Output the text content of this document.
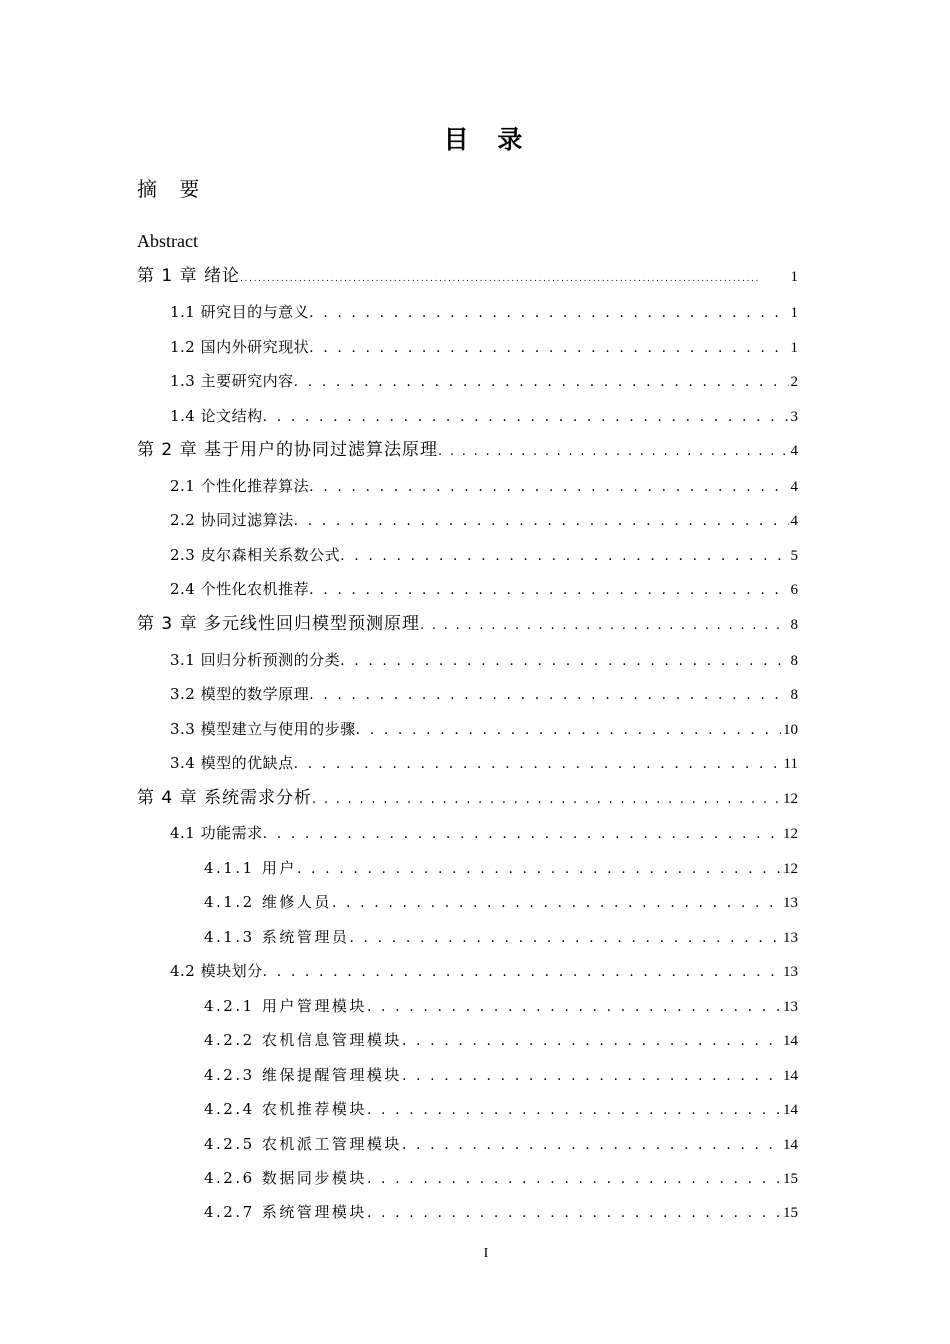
目 录
摘 要
Abstract
第 1 章 绪论 . . .	1
1.1 研究目的与意义 . . .	1
1.2 国内外研究现状 . . .	1
1.3 主要研究内容 . . .	2
1.4 论文结构 . . .	3
第 2 章 基于用户的协同过滤算法原理 . . .	4
2.1 个性化推荐算法 . . .	4
2.2 协同过滤算法 . . .	4
2.3 皮尔森相关系数公式 . . .	5
2.4 个性化农机推荐 . . .	6
第 3 章 多元线性回归模型预测原理 . . .	8
3.1 回归分析预测的分类 . . .	8
3.2 模型的数学原理 . . .	8
3.3 模型建立与使用的步骤 . . .	10
3.4 模型的优缺点 . . .	11
第 4 章 系统需求分析 . . .	12
4.1 功能需求 . . .	12
4.1.1 用户 . . .	12
4.1.2 维修人员 . . .	13
4.1.3 系统管理员 . . .	13
4.2 模块划分 . . .	13
4.2.1 用户管理模块 . . .	13
4.2.2 农机信息管理模块 . . .	14
4.2.3 维保提醒管理模块 . . .	14
4.2.4 农机推荐模块 . . .	14
4.2.5 农机派工管理模块 . . .	14
4.2.6 数据同步模块 . . .	15
4.2.7 系统管理模块 . . .	15
I
